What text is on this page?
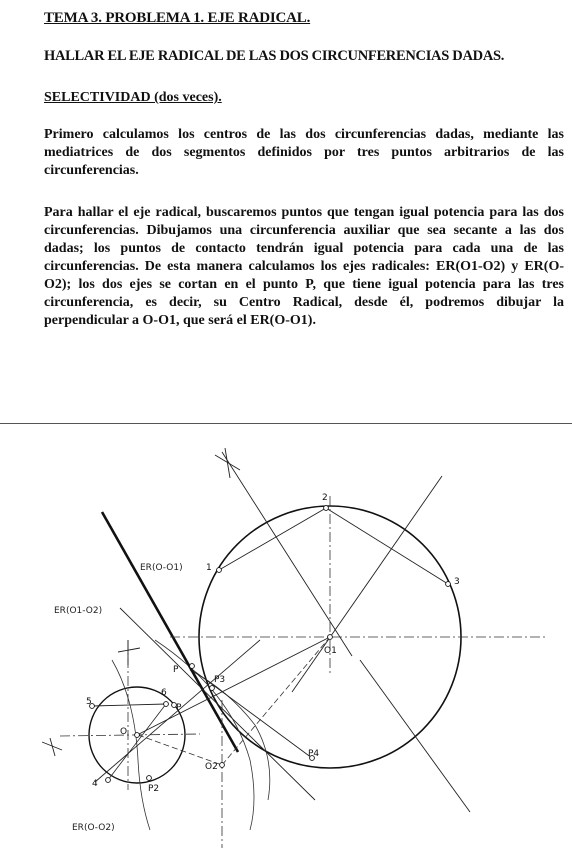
TEMA 3. PROBLEMA 1. EJE RADICAL.
HALLAR EL EJE RADICAL DE LAS DOS CIRCUNFERENCIAS DADAS.
SELECTIVIDAD (dos veces).
Primero calculamos los centros de las dos circunferencias dadas, mediante las mediatrices de dos segmentos definidos por tres puntos arbitrarios de las circunferencias.
Para hallar el eje radical, buscaremos puntos que tengan igual potencia para las dos circunferencias. Dibujamos una circunferencia auxiliar que sea secante a las dos dadas; los puntos de contacto tendrán igual potencia para cada una de las circunferencias. De esta manera calculamos los ejes radicales: ER(O1-O2) y ER(O-O2); los dos ejes se cortan en el punto P, que tiene igual potencia para las tres circunferencia, es decir, su Centro Radical, desde él, podremos dibujar la perpendicular a O-O1, que será el ER(O-O1).
ER(O-O1)
ER(O1-O2)
ER(O-O2)
1
2
3
O1
P
P3
P4
O2
O
5
6
4	P2
P
